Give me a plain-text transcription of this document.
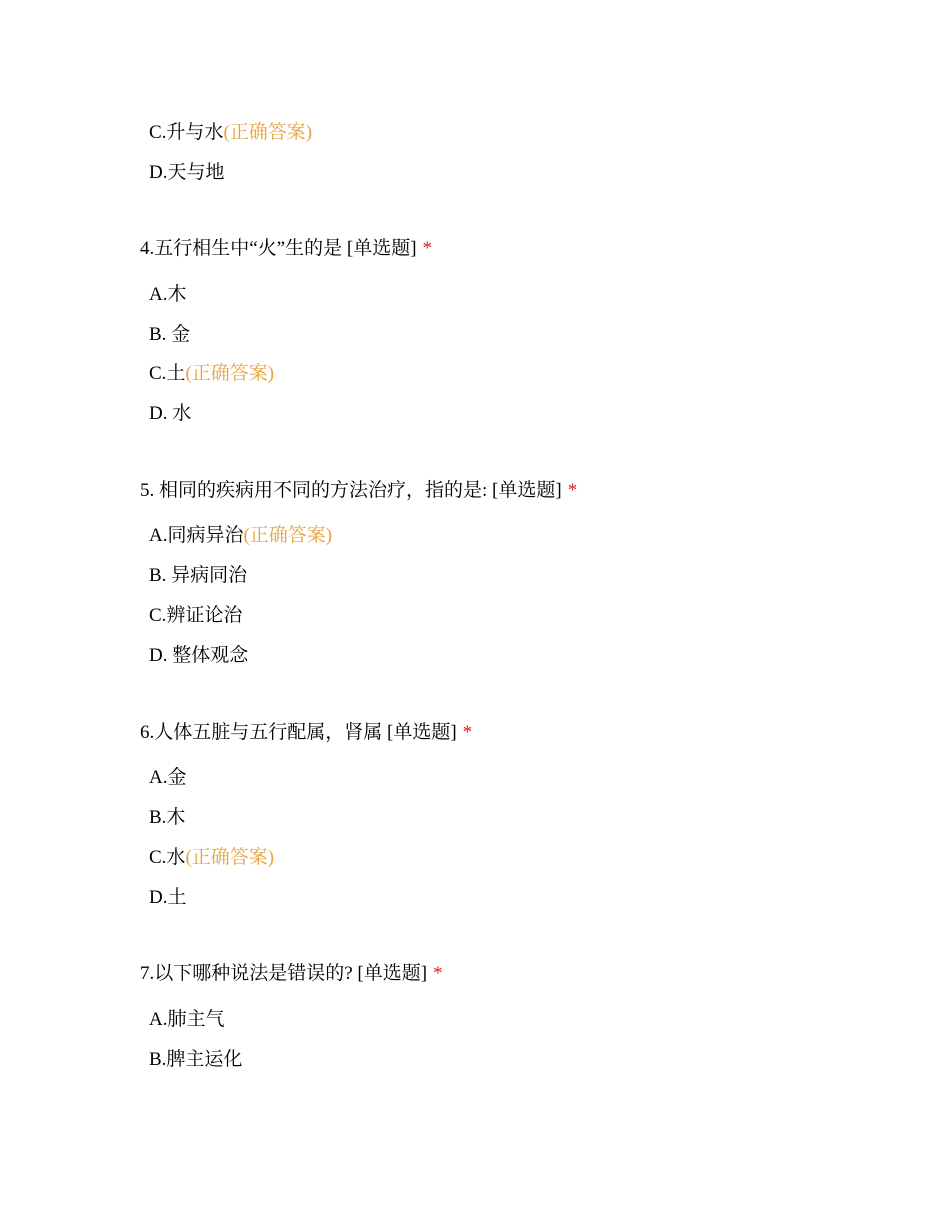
C.升与水(正确答案)
D.天与地
4.五行相生中“火”生的是 [单选题] *
A.木
B. 金
C.土(正确答案)
D. 水
5. 相同的疾病用不同的方法治疗，指的是: [单选题] *
A.同病异治(正确答案)
B. 异病同治
C.辨证论治
D. 整体观念
6.人体五脏与五行配属，肾属 [单选题] *
A.金
B.木
C.水(正确答案)
D.土
7.以下哪种说法是错误的? [单选题] *
A.肺主气
B.脾主运化
